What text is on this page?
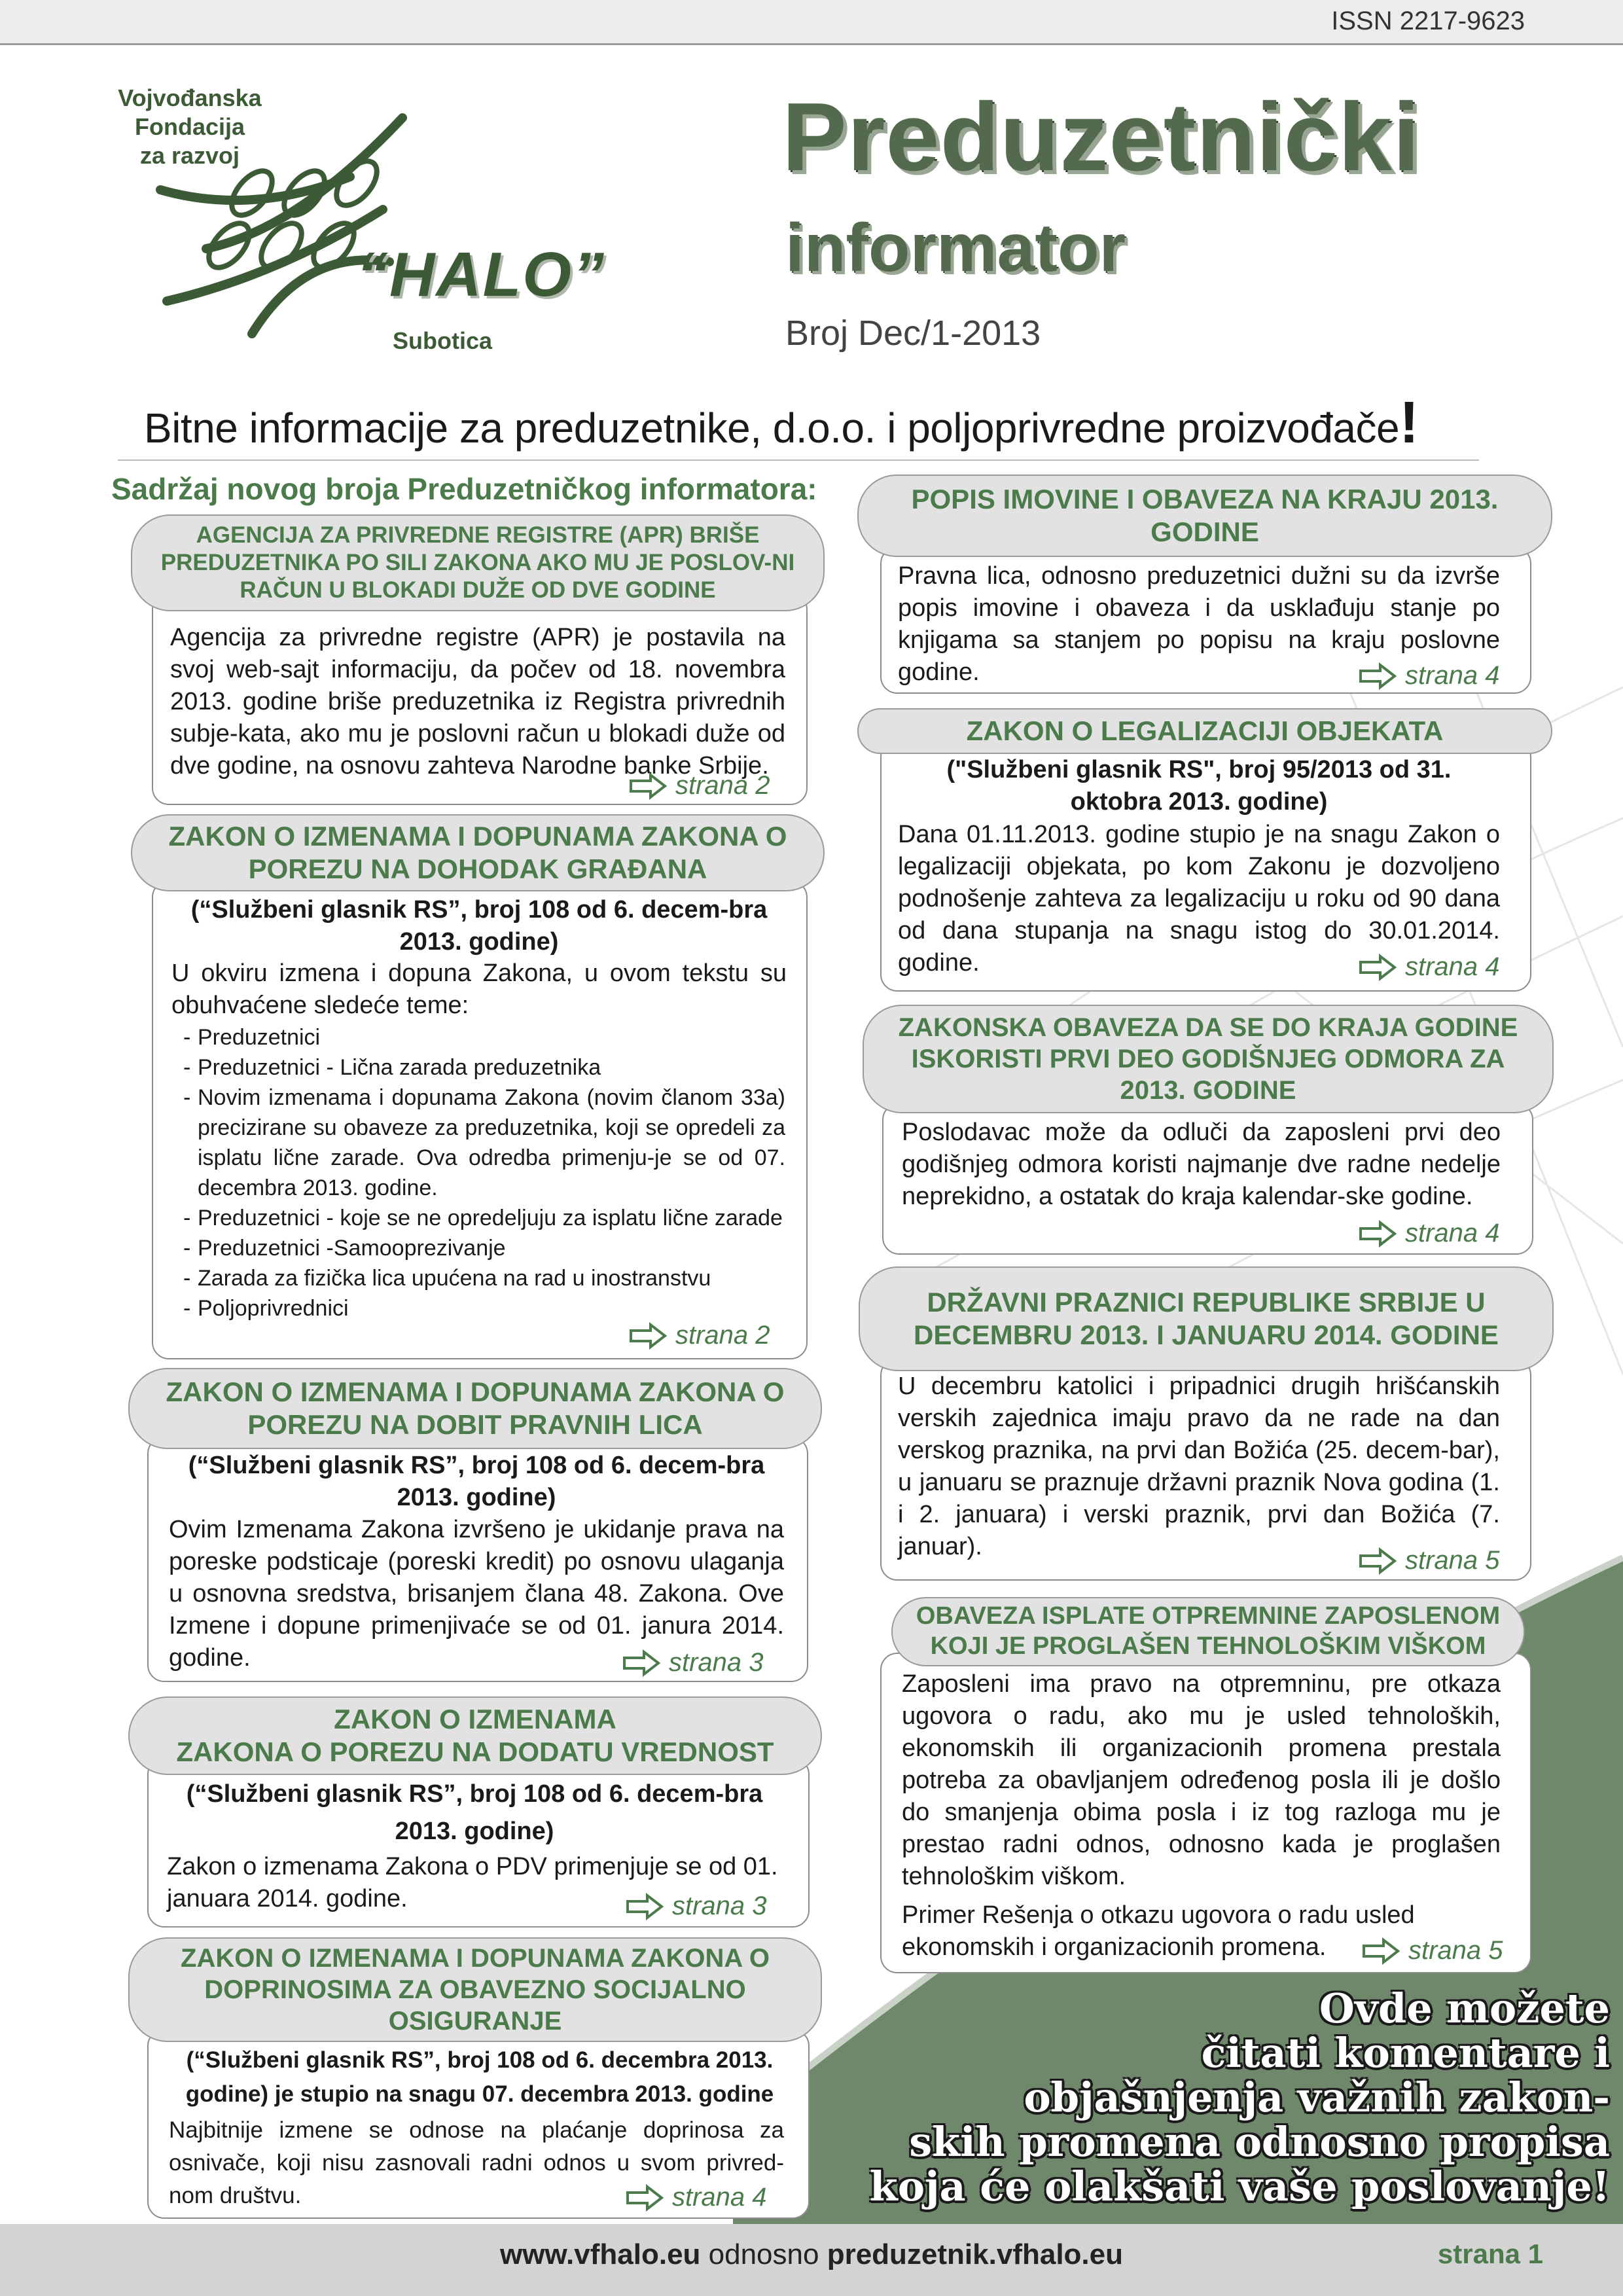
ISSN 2217-9623
Vojvođanska Fondacija
za razvoj
“HALO”
Subotica
Preduzetnički
informator
Broj Dec/1-2013
Bitne informacije za preduzetnike, d.o.o. i poljoprivredne proizvođače!
Sadržaj novog broja Preduzetničkog informatora:
AGENCIJA ZA PRIVREDNE REGISTRE (APR) BRIŠE PREDUZETNIKA PO SILI ZAKONA AKO MU JE POSLOV-NI RAČUN U BLOKADI DUŽE OD DVE GODINE
Agencija za privredne registre (APR) je postavila na svoj web-sajt informaciju, da počev od 18. novembra 2013. godine briše preduzetnika iz Registra privrednih subje-kata, ako mu je poslovni račun u blokadi duže od dve godine, na osnovu zahteva Narodne banke Srbije.
strana 2
ZAKON O IZMENAMA I DOPUNAMA ZAKONA O POREZU NA DOHODAK GRAĐANA
(“Službeni glasnik RS”, broj 108 od 6. decem-bra 2013. godine)
U okviru izmena i dopuna Zakona, u ovom tekstu su obuhvaćene sledeće teme:
- Preduzetnici
- Preduzetnici - Lična zarada preduzetnika
- Novim izmenama i dopunama Zakona (novim članom 33a) precizirane su obaveze za preduzetnika, koji se opredeli za isplatu lične zarade. Ova odredba primenju-je se od 07. decembra 2013. godine.
- Preduzetnici - koje se ne opredeljuju za isplatu lične zarade
- Preduzetnici -Samooprezivanje
- Zarada za fizička lica upućena na rad u inostranstvu
- Poljoprivrednici
strana 2
ZAKON O IZMENAMA I DOPUNAMA ZAKONA O POREZU NA DOBIT PRAVNIH LICA
(“Službeni glasnik RS”, broj 108 od 6. decem-bra 2013. godine)
Ovim Izmenama Zakona izvršeno je ukidanje prava na poreske podsticaje (poreski kredit) po osnovu ulaganja u osnovna sredstva, brisanjem člana 48. Zakona. Ove Izmene i dopune primenjivaće se od 01. janura 2014. godine.	strana 3
ZAKON O IZMENAMA
ZAKONA O POREZU NA DODATU VREDNOST
(“Službeni glasnik RS”, broj 108 od 6. decem-bra 2013. godine)
Zakon o izmenama Zakona o PDV primenjuje se od 01. januara 2014. godine.	strana 3
ZAKON O IZMENAMA I DOPUNAMA ZAKONA O DOPRINOSIMA ZA OBAVEZNO SOCIJALNO OSIGURANJE
(“Službeni glasnik RS”, broj 108 od 6. decembra 2013. godine) je stupio na snagu 07. decembra 2013. godine
Najbitnije izmene se odnose na plaćanje doprinosa za osnivače, koji nisu zasnovali radni odnos u svom privred-nom društvu.	strana 4
POPIS IMOVINE I OBAVEZA NA KRAJU 2013. GODINE
Pravna lica, odnosno preduzetnici dužni su da izvrše popis imovine i obaveza i da usklađuju stanje po knjigama sa stanjem po popisu na kraju poslovne godine.	strana 4
ZAKON O LEGALIZACIJI OBJEKATA
("Službeni glasnik RS", broj 95/2013 od 31. oktobra 2013. godine)
Dana 01.11.2013. godine stupio je na snagu Zakon o legalizaciji objekata, po kom Zakonu je dozvoljeno podnošenje zahteva za legalizaciju u roku od 90 dana od dana stupanja na snagu istog do 30.01.2014. godine.	strana 4
ZAKONSKA OBAVEZA DA SE DO KRAJA GODINE ISKORISTI PRVI DEO GODIŠNJEG ODMORA ZA 2013. GODINE
Poslodavac može da odluči da zaposleni prvi deo godišnjeg odmora koristi najmanje dve radne nedelje neprekidno, a ostatak do kraja kalendar-ske godine.
strana 4
DRŽAVNI PRAZNICI REPUBLIKE SRBIJE U DECEMBRU 2013. I JANUARU 2014. GODINE
U decembru katolici i pripadnici drugih hrišćanskih verskih zajednica imaju pravo da ne rade na dan verskog praznika, na prvi dan Božića (25. decem-bar), u januaru se praznuje državni praznik Nova godina (1. i 2. januara) i verski praznik, prvi dan Božića (7. januar).	strana 5
OBAVEZA ISPLATE OTPREMNINE ZAPOSLENOM KOJI JE PROGLAŠEN TEHNOLOŠKIM VIŠKOM
Zaposleni ima pravo na otpremninu, pre otkaza ugovora o radu, ako mu je usled tehnoloških, ekonomskih ili organizacionih promena prestala potreba za obavljanjem određenog posla ili je došlo do smanjenja obima posla i iz tog razloga mu je prestao radni odnos, odnosno kada je proglašen tehnološkim viškom.
Primer Rešenja o otkazu ugovora o radu usled ekonomskih i organizacionih promena.	strana 5
Ovde možete
čitati komentare i
objašnjenja važnih zakon-
skih promena odnosno propisa
koja će olakšati vaše poslovanje!
www.vfhalo.eu odnosno preduzetnik.vfhalo.eu	strana 1
